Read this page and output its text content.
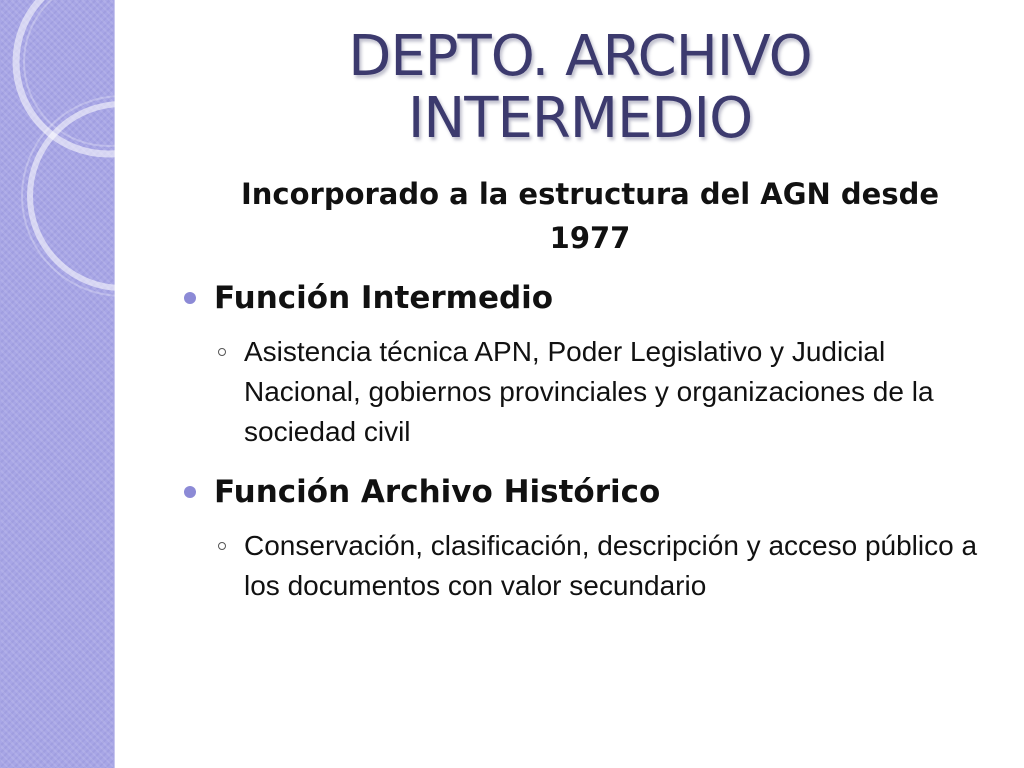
DEPTO. ARCHIVO
INTERMEDIO

Incorporado a la estructura del AGN desde
1977

Función Intermedio
Asistencia técnica APN, Poder Legislativo y Judicial Nacional, gobiernos provinciales y organizaciones de la sociedad civil
Función Archivo Histórico
Conservación, clasificación, descripción y acceso público a los documentos con valor secundario
